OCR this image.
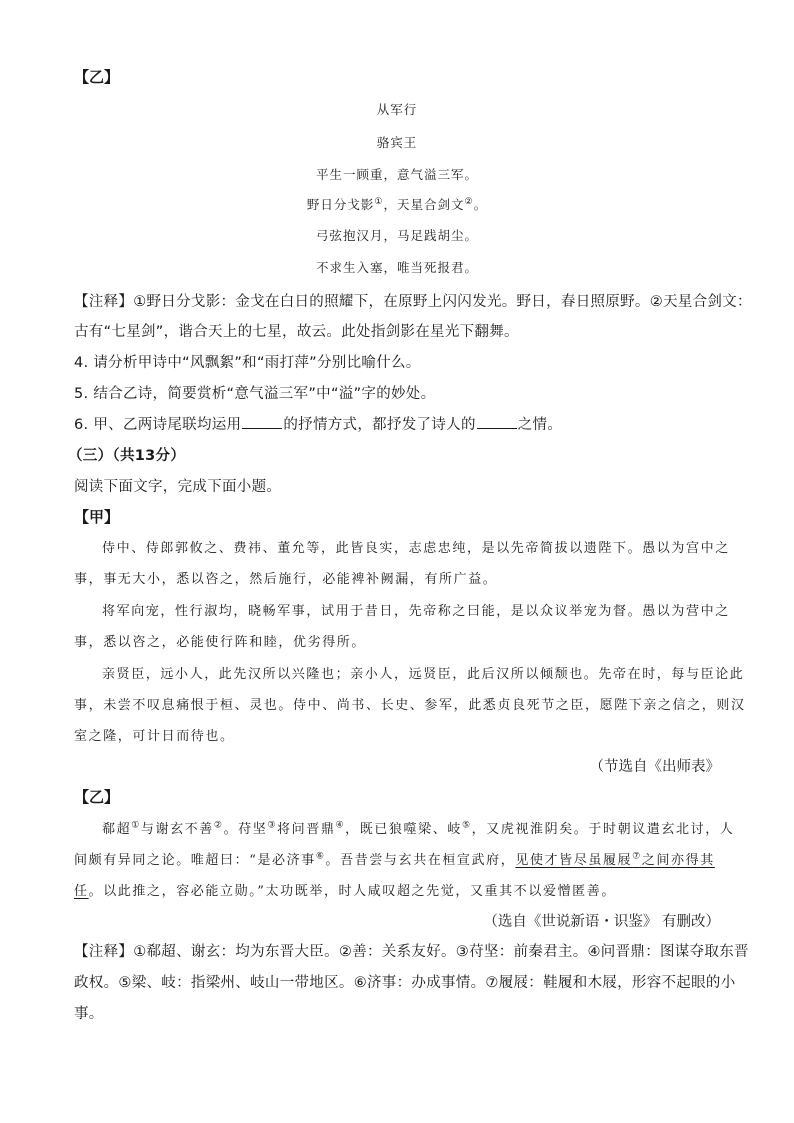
【乙】
从军行
骆宾王
平生一顾重，意气溢三军。
野日分戈影①，天星合剑文②。
弓弦抱汉月，马足践胡尘。
不求生入塞，唯当死报君。
【注释】①野日分戈影：金戈在白日的照耀下，在原野上闪闪发光。野日，春日照原野。②天星合剑文：
古有“七星剑”，谐合天上的七星，故云。此处指剑影在星光下翻舞。
4. 请分析甲诗中“风飘絮”和“雨打萍”分别比喻什么。
5. 结合乙诗，简要赏析“意气溢三军”中“溢”字的妙处。
6. 甲、乙两诗尾联均运用	的抒情方式，都抒发了诗人的	之情。
（三）（共13分）
阅读下面文字，完成下面小题。
【甲】
侍中、侍郎郭攸之、费祎、董允等，此皆良实，志虑忠纯，是以先帝简拔以遗陛下。愚以为宫中之
事，事无大小，悉以咨之，然后施行，必能裨补阙漏，有所广益。
将军向宠，性行淑均，晓畅军事，试用于昔日，先帝称之曰能，是以众议举宠为督。愚以为营中之
事，悉以咨之，必能使行阵和睦，优劣得所。
亲贤臣，远小人，此先汉所以兴隆也；亲小人，远贤臣，此后汉所以倾颓也。先帝在时，每与臣论此
事，未尝不叹息痛恨于桓、灵也。侍中、尚书、长史、参军，此悉贞良死节之臣，愿陛下亲之信之，则汉
室之隆，可计日而待也。
（节选自《出师表》
【乙】
郗超①与谢玄不善②。苻坚③将问晋鼎④，既已狼噬梁、岐⑤，又虎视淮阴矣。于时朝议遣玄北讨，人
间颇有异同之论。唯超曰：“是必济事⑥。吾昔尝与玄共在桓宣武府，见使才皆尽虽履屐⑦之间亦得其
任。以此推之，容必能立勋。”太功既举，时人咸叹超之先觉，又重其不以爱憎匿善。
（选自《世说新语・识鉴》 有删改）
【注释】①郗超、谢玄：均为东晋大臣。②善：关系友好。③苻坚：前秦君主。④问晋鼎：图谋夺取东晋
政权。⑤梁、岐：指梁州、岐山一带地区。⑥济事：办成事情。⑦履屐：鞋履和木屐，形容不起眼的小
事。
